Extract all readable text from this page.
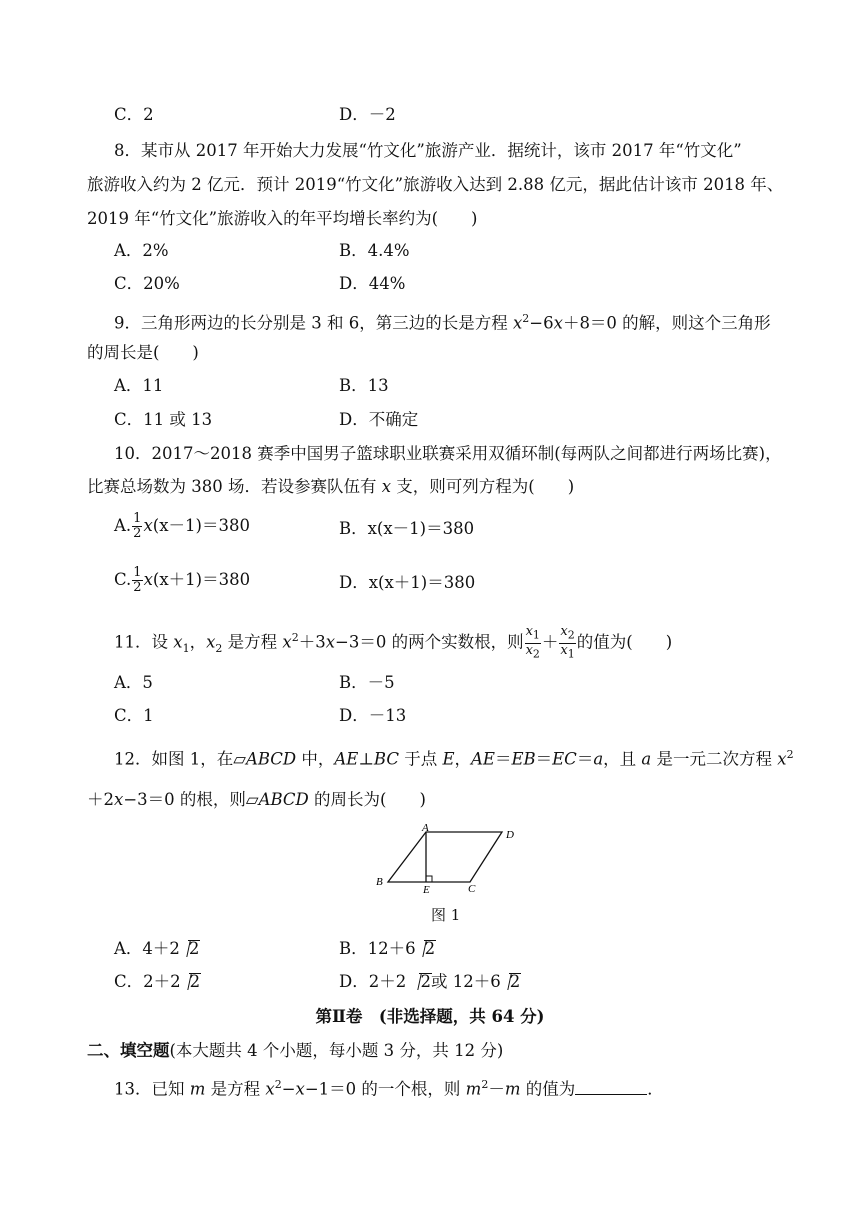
C．2	D．－2
8．某市从 2017 年开始大力发展“竹文化”旅游产业．据统计，该市 2017 年“竹文化”
旅游收入约为 2 亿元．预计 2019“竹文化”旅游收入达到 2.88 亿元，据此估计该市 2018 年、
2019 年“竹文化”旅游收入的年平均增长率约为(　　)
A．2%	B．4.4%
C．20%	D．44%
9．三角形两边的长分别是 3 和 6，第三边的长是方程 $x^2-6x+8=0$ 的解，则这个三角形
的周长是(　　)
A．11	B．13
C．11 或 13	D．不确定
10．2017～2018 赛季中国男子篮球职业联赛采用双循环制(每两队之间都进行两场比赛)，
比赛总场数为 380 场．若设参赛队伍有 x 支，则可列方程为(　　)
A. $\frac{1}{2} x(x-1)=380$	B．x(x－1)＝380
C. $\frac{1}{2} x(x+1)=380$	D．x(x＋1)＝380
11．设 $x_1$，$x_2$ 是方程 $x^2+3x-3=0$ 的两个实数根，则 $\frac{x_1}{x_2} + \frac{x_2}{x_1}$ 的值为(　　)
A．5	B．－5
C．1	D．－13
12．如图 1，在▱ABCD 中，AE⊥BC 于点 E，AE＝EB＝EC＝a，且 a 是一元二次方程 $x^2$
＋2x−3＝0 的根，则▱ABCD 的周长为(　　)
A
D
B
E	C
图 1
A．4＋2 2	B．12＋6 2
C．2＋2 2	D．2＋2 2或 12＋6 2
第Ⅱ卷　(非选择题，共 64 分)
二、填空题(本大题共 4 个小题，每小题 3 分，共 12 分)
13．已知 m 是方程 $x^2-x-1=0$ 的一个根，则 $m^2-m$ 的值为	．
